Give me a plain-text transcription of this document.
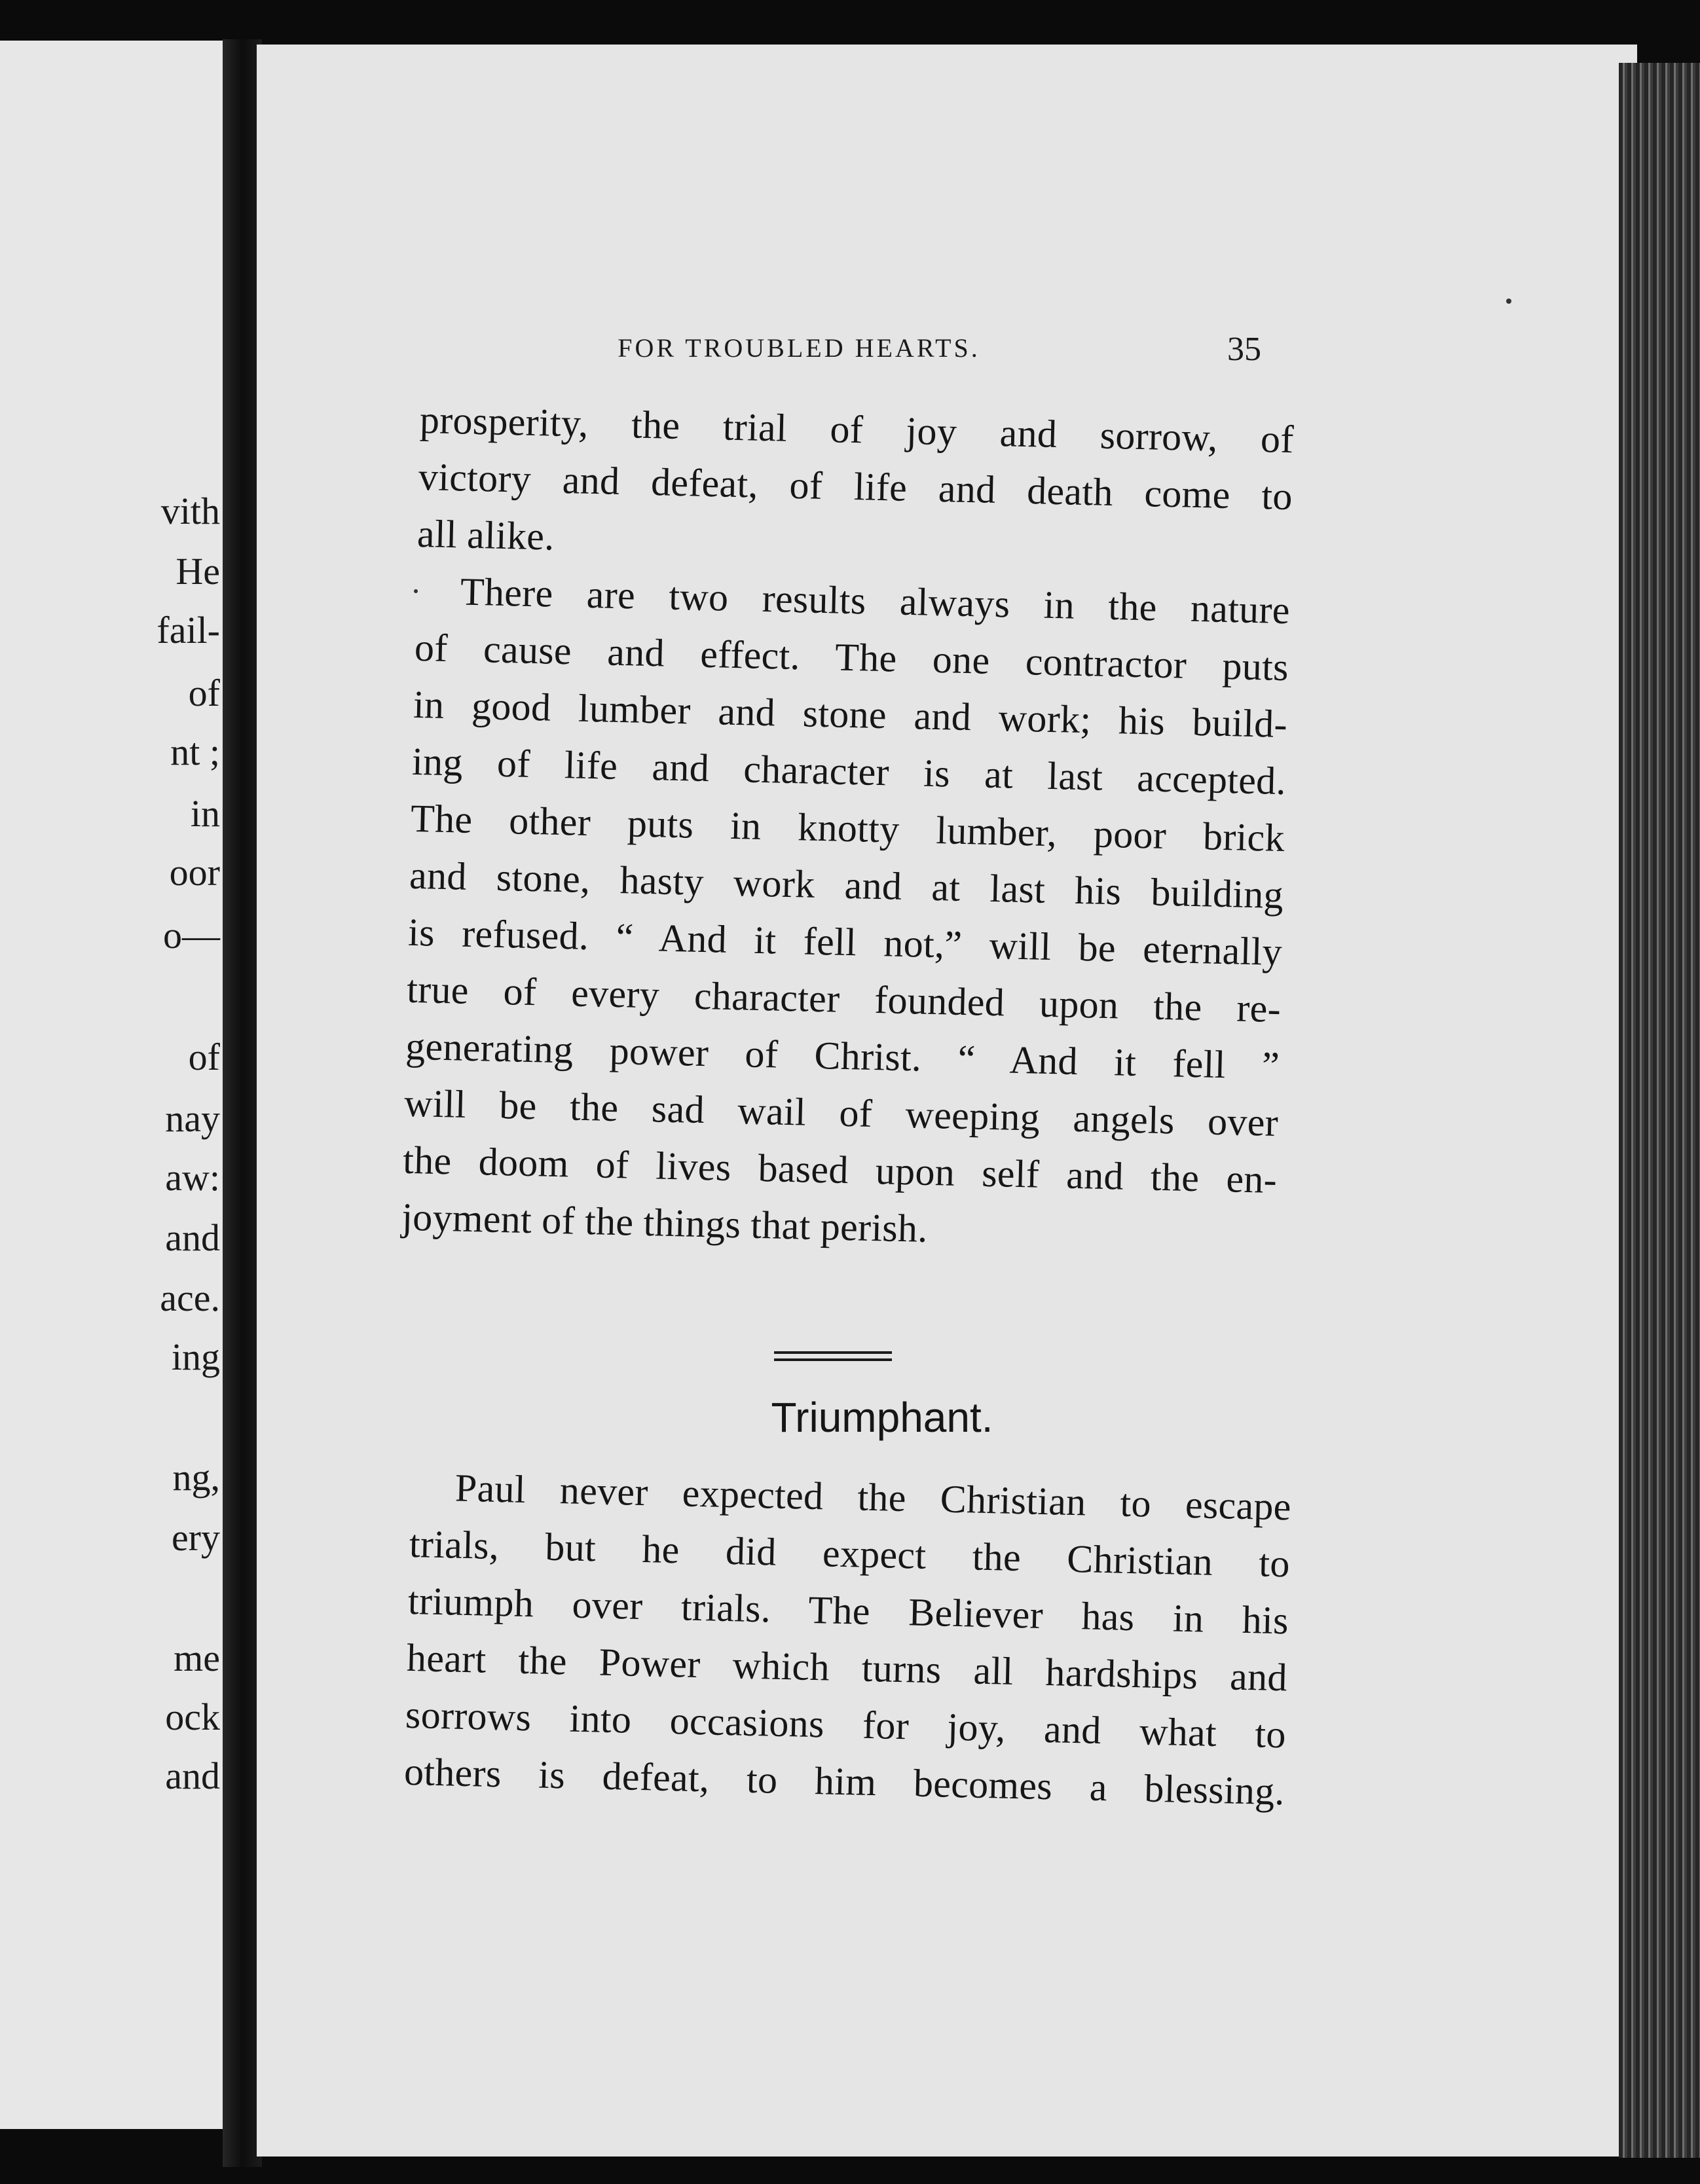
vith
He
fail-
of
nt ;
in
oor
o—
of
nay
aw:
and
ace.
ing
ng,
ery
me
ock
and
FOR TROUBLED HEARTS.	35
prosperity, the trial of joy and sorrow, of
victory and defeat, of life and death come to
all alike.
There are two results always in the nature
of cause and effect. The one contractor puts
in good lumber and stone and work; his build-
ing of life and character is at last accepted.
The other puts in knotty lumber, poor brick
and stone, hasty work and at last his building
is refused. “ And it fell not,” will be eternally
true of every character founded upon the re-
generating power of Christ. “ And it fell ”
will be the sad wail of weeping angels over
the doom of lives based upon self and the en-
joyment of the things that perish.
Triumphant.
Paul never expected the Christian to escape
trials, but he did expect the Christian to
triumph over trials. The Believer has in his
heart the Power which turns all hardships and
sorrows into occasions for joy, and what to
others is defeat, to him becomes a blessing.
